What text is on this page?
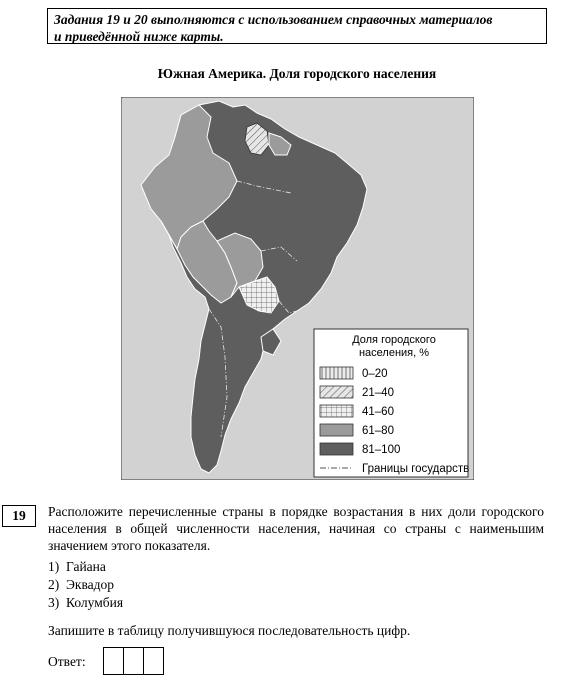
Задания 19 и 20 выполняются с использованием справочных материалов
и приведённой ниже карты.
Южная Америка. Доля городского населения
Доля городского
населения, %
0–20
21–40
41–60
61–80
81–100
Границы государств
19	Расположите перечисленные страны в порядке возрастания в них доли городского населения в общей численности населения, начиная со страны с наименьшим значением этого показателя.
1) Гайана
2) Эквадор
3) Колумбия
Запишите в таблицу получившуюся последовательность цифр.
Ответ:
